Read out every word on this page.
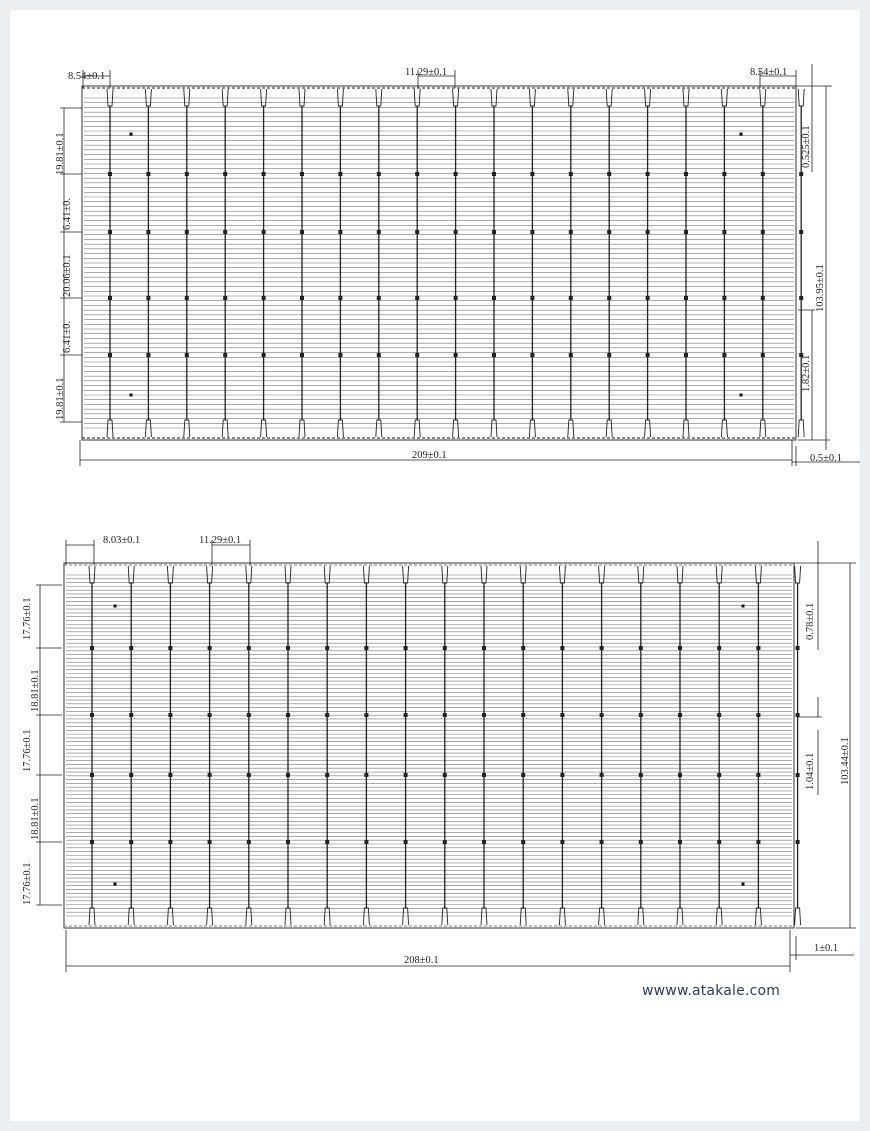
8.54±0.1	11.29±0.1	8.54±0.1
19.81±0.1
6.41±0.
20.06±0.1
6.41±0.
19.81±0.1
0.525±0.1
103.95±0.1
1.82±0.1
209±0.1	0.5±0.1
8.03±0.1	11.29±0.1
17.76±0.1
18.81±0.1
17.76±0.1
18.81±0.1
17.76±0.1
0.78±0.1
1.04±0.1 103.44±0.1
208±0.1
1±0.1
wwww.atakale.com
